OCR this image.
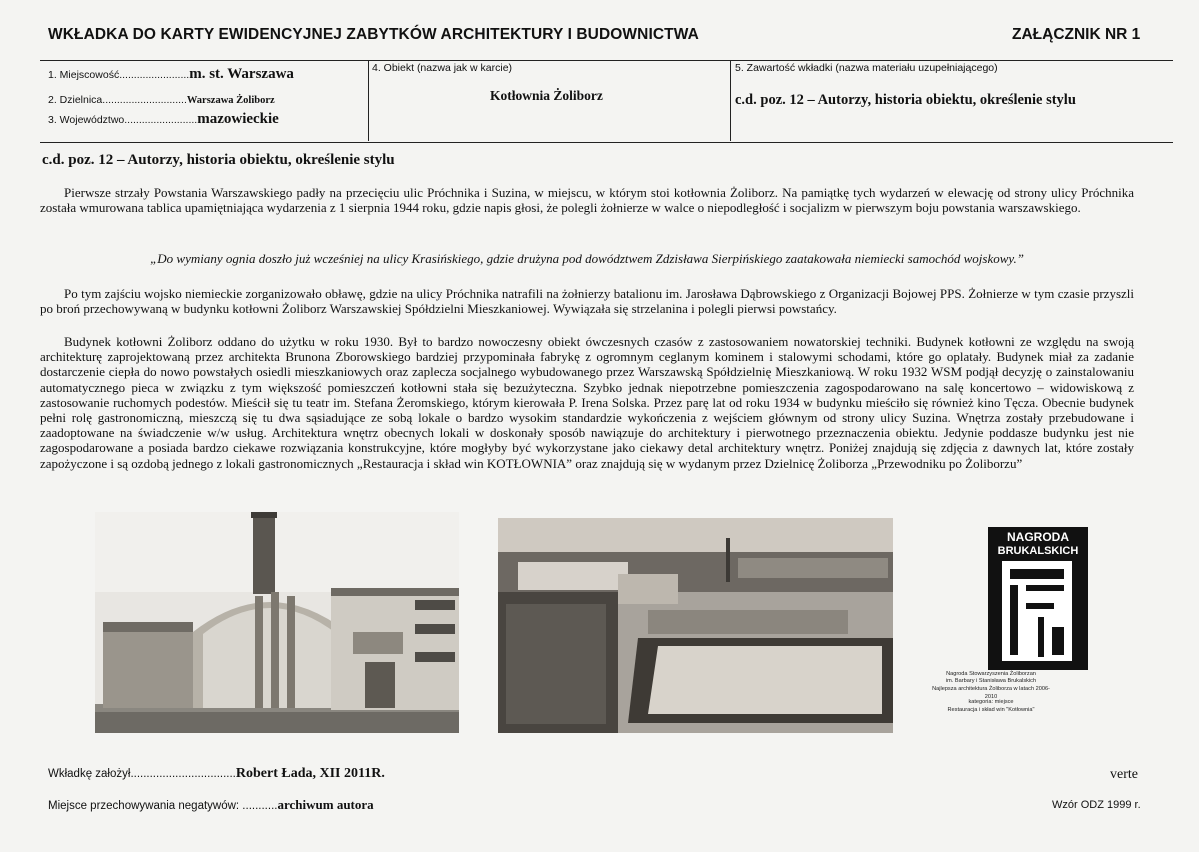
WKŁADKA DO KARTY EWIDENCYJNEJ ZABYTKÓW ARCHITEKTURY I BUDOWNICTWA	ZAŁĄCZNIK NR 1
1. Miejscowość........................m. st. Warszawa
2. Dzielnica.............................Warszawa Żoliborz
3. Województwo.........................mazowieckie
4. Obiekt (nazwa jak w karcie)
Kotłownia Żoliborz
5. Zawartość wkładki (nazwa materiału uzupełniającego)
c.d. poz. 12 – Autorzy, historia obiektu, określenie stylu
c.d. poz. 12 – Autorzy, historia obiektu, określenie stylu
Pierwsze strzały Powstania Warszawskiego padły na przecięciu ulic Próchnika i Suzina, w miejscu, w którym stoi kotłownia Żoliborz. Na pamiątkę tych wydarzeń w elewację od strony ulicy Próchnika została wmurowana tablica upamiętniająca wydarzenia z 1 sierpnia 1944 roku, gdzie napis głosi, że polegli żołnierze w walce o niepodległość i socjalizm w pierwszym boju powstania warszawskiego.
„Do wymiany ognia doszło już wcześniej na ulicy Krasińskiego, gdzie drużyna pod dowództwem Zdzisława Sierpińskiego zaatakowała niemiecki samochód wojskowy.”
Po tym zajściu wojsko niemieckie zorganizowało obławę, gdzie na ulicy Próchnika natrafili na żołnierzy batalionu im. Jarosława Dąbrowskiego z Organizacji Bojowej PPS. Żołnierze w tym czasie przyszli po broń przechowywaną w budynku kotłowni Żoliborz Warszawskiej Spółdzielni Mieszkaniowej. Wywiązała się strzelanina i polegli pierwsi powstańcy.
Budynek kotłowni Żoliborz oddano do użytku w roku 1930. Był to bardzo nowoczesny obiekt ówczesnych czasów z zastosowaniem nowatorskiej techniki. Budynek kotłowni ze względu na swoją architekturę zaprojektowaną przez architekta Brunona Zborowskiego bardziej przypominała fabrykę z ogromnym ceglanym kominem i stalowymi schodami, które go oplatały. Budynek miał za zadanie dostarczenie ciepła do nowo powstałych osiedli mieszkaniowych oraz zaplecza socjalnego wybudowanego przez Warszawską Spółdzielnię Mieszkaniową. W roku 1932 WSM podjął decyzję o zainstalowaniu automatycznego pieca w związku z tym większość pomieszczeń kotłowni stała się bezużyteczna. Szybko jednak niepotrzebne pomieszczenia zagospodarowano na salę koncertowo – widowiskową z zastosowanie ruchomych podestów. Mieścił się tu teatr im. Stefana Żeromskiego, którym kierowała P. Irena Solska. Przez parę lat od roku 1934 w budynku mieściło się również kino Tęcza. Obecnie budynek pełni rolę gastronomiczną, mieszczą się tu dwa sąsiadujące ze sobą lokale o bardzo wysokim standardzie wykończenia z wejściem głównym od strony ulicy Suzina. Wnętrza zostały przebudowane i zaadoptowane na świadczenie w/w usług. Architektura wnętrz obecnych lokali w doskonały sposób nawiązuje do architektury i pierwotnego przeznaczenia obiektu. Jedynie poddasze budynku jest nie zagospodarowane a posiada bardzo ciekawe rozwiązania konstrukcyjne, które mogłyby być wykorzystane jako ciekawy detal architektury wnętrz. Poniżej znajdują się zdjęcia z dawnych lat, które zostały zapożyczone i są ozdobą jednego z lokali gastronomicznych „Restauracja i skład win KOTŁOWNIA” oraz znajdują się w wydanym przez Dzielnicę Żoliborza „Przewodniku po Żoliborzu”
NAGRODA
BRUKALSKICH
Nagroda Stowarzyszenia Żoliborzan
im. Barbary i Stanisława Brukalskich
Najlepsza architektura Żoliborza w latach 2006-2010
kategoria: miejsce
Restauracja i skład win "Kotłownia"
Wkładkę założył.................................Robert Łada, XII 2011R.
Miejsce przechowywania negatywów: ...........archiwum autora
verte
Wzór ODZ 1999 r.
